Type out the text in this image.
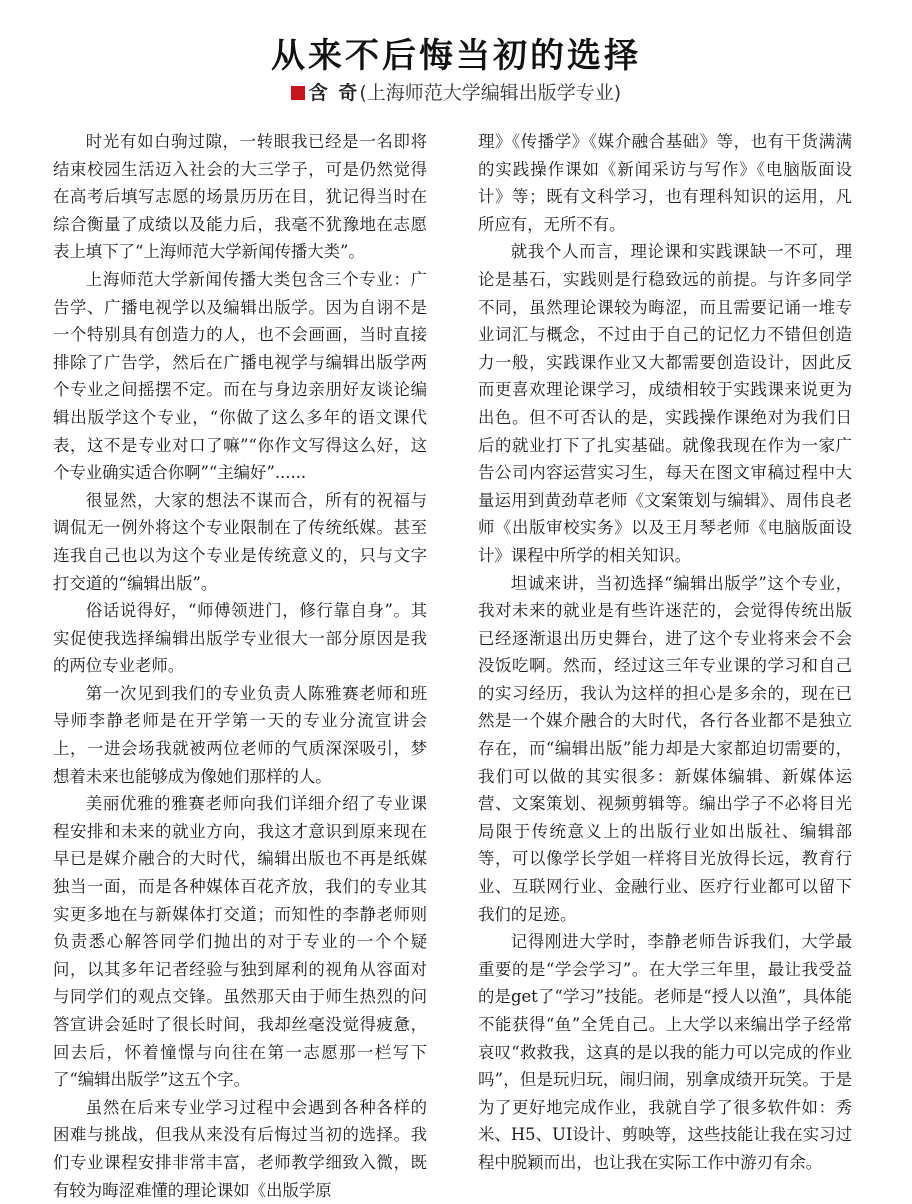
从来不后悔当初的选择
含 奇(上海师范大学编辑出版学专业)

时光有如白驹过隙，一转眼我已经是一名即将结束校园生活迈入社会的大三学子，可是仍然觉得在高考后填写志愿的场景历历在目，犹记得当时在综合衡量了成绩以及能力后，我毫不犹豫地在志愿表上填下了“上海师范大学新闻传播大类”。

上海师范大学新闻传播大类包含三个专业：广告学、广播电视学以及编辑出版学。因为自诩不是一个特别具有创造力的人，也不会画画，当时直接排除了广告学，然后在广播电视学与编辑出版学两个专业之间摇摆不定。而在与身边亲朋好友谈论编辑出版学这个专业，“你做了这么多年的语文课代表，这不是专业对口了嘛”“你作文写得这么好，这个专业确实适合你啊”“主编好”......

很显然，大家的想法不谋而合，所有的祝福与调侃无一例外将这个专业限制在了传统纸媒。甚至连我自己也以为这个专业是传统意义的，只与文字打交道的“编辑出版”。

俗话说得好，“师傅领进门，修行靠自身”。其实促使我选择编辑出版学专业很大一部分原因是我的两位专业老师。

第一次见到我们的专业负责人陈雅赛老师和班导师李静老师是在开学第一天的专业分流宣讲会上，一进会场我就被两位老师的气质深深吸引，梦想着未来也能够成为像她们那样的人。

美丽优雅的雅赛老师向我们详细介绍了专业课程安排和未来的就业方向，我这才意识到原来现在早已是媒介融合的大时代，编辑出版也不再是纸媒独当一面，而是各种媒体百花齐放，我们的专业其实更多地在与新媒体打交道；而知性的李静老师则负责悉心解答同学们抛出的对于专业的一个个疑问，以其多年记者经验与独到犀利的视角从容面对与同学们的观点交锋。虽然那天由于师生热烈的问答宣讲会延时了很长时间，我却丝毫没觉得疲惫，回去后，怀着憧憬与向往在第一志愿那一栏写下了“编辑出版学”这五个字。

虽然在后来专业学习过程中会遇到各种各样的困难与挑战，但我从来没有后悔过当初的选择。我们专业课程安排非常丰富，老师教学细致入微，既有较为晦涩难懂的理论课如《出版学原

理》《传播学》《媒介融合基础》等，也有干货满满的实践操作课如《新闻采访与写作》《电脑版面设计》等；既有文科学习，也有理科知识的运用，凡所应有，无所不有。

就我个人而言，理论课和实践课缺一不可，理论是基石，实践则是行稳致远的前提。与许多同学不同，虽然理论课较为晦涩，而且需要记诵一堆专业词汇与概念，不过由于自己的记忆力不错但创造力一般，实践课作业又大都需要创造设计，因此反而更喜欢理论课学习，成绩相较于实践课来说更为出色。但不可否认的是，实践操作课绝对为我们日后的就业打下了扎实基础。就像我现在作为一家广告公司内容运营实习生，每天在图文审稿过程中大量运用到黄劲草老师《文案策划与编辑》、周伟良老师《出版审校实务》以及王月琴老师《电脑版面设计》课程中所学的相关知识。

坦诚来讲，当初选择“编辑出版学”这个专业，我对未来的就业是有些许迷茫的，会觉得传统出版已经逐渐退出历史舞台，进了这个专业将来会不会没饭吃啊。然而，经过这三年专业课的学习和自己的实习经历，我认为这样的担心是多余的，现在已然是一个媒介融合的大时代，各行各业都不是独立存在，而“编辑出版”能力却是大家都迫切需要的，我们可以做的其实很多：新媒体编辑、新媒体运营、文案策划、视频剪辑等。编出学子不必将目光局限于传统意义上的出版行业如出版社、编辑部等，可以像学长学姐一样将目光放得长远，教育行业、互联网行业、金融行业、医疗行业都可以留下我们的足迹。

记得刚进大学时，李静老师告诉我们，大学最重要的是“学会学习”。在大学三年里，最让我受益的是get了“学习”技能。老师是“授人以渔”，具体能不能获得“鱼”全凭自己。上大学以来编出学子经常哀叹“救救我，这真的是以我的能力可以完成的作业吗”，但是玩归玩，闹归闹，别拿成绩开玩笑。于是为了更好地完成作业，我就自学了很多软件如：秀米、H5、UI设计、剪映等，这些技能让我在实习过程中脱颖而出，也让我在实际工作中游刃有余。
